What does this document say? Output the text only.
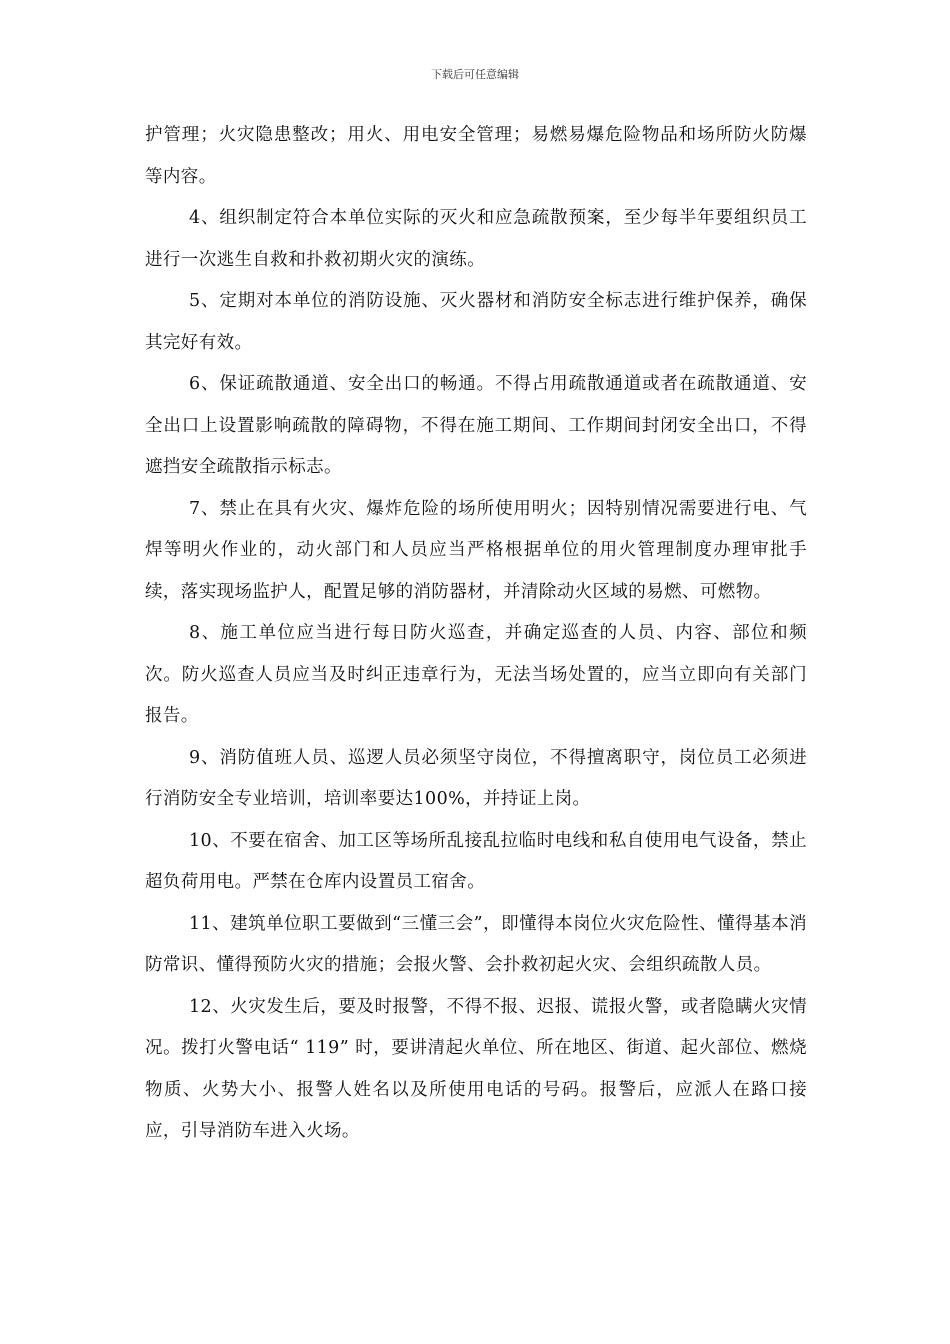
下载后可任意编辑

护管理；火灾隐患整改；用火、用电安全管理；易燃易爆危险物品和场所防火防爆等内容。

4、组织制定符合本单位实际的灭火和应急疏散预案，至少每半年要组织员工进行一次逃生自救和扑救初期火灾的演练。

5、定期对本单位的消防设施、灭火器材和消防安全标志进行维护保养，确保其完好有效。

6、保证疏散通道、安全出口的畅通。不得占用疏散通道或者在疏散通道、安全出口上设置影响疏散的障碍物，不得在施工期间、工作期间封闭安全出口，不得遮挡安全疏散指示标志。

7、禁止在具有火灾、爆炸危险的场所使用明火；因特别情况需要进行电、气焊等明火作业的，动火部门和人员应当严格根据单位的用火管理制度办理审批手续，落实现场监护人，配置足够的消防器材，并清除动火区域的易燃、可燃物。

8、施工单位应当进行每日防火巡查，并确定巡查的人员、内容、部位和频次。防火巡查人员应当及时纠正违章行为，无法当场处置的，应当立即向有关部门报告。

9、消防值班人员、巡逻人员必须坚守岗位，不得擅离职守，岗位员工必须进行消防安全专业培训，培训率要达100%，并持证上岗。

10、不要在宿舍、加工区等场所乱接乱拉临时电线和私自使用电气设备，禁止超负荷用电。严禁在仓库内设置员工宿舍。

11、建筑单位职工要做到“三懂三会”，即懂得本岗位火灾危险性、懂得基本消防常识、懂得预防火灾的措施；会报火警、会扑救初起火灾、会组织疏散人员。

12、火灾发生后，要及时报警，不得不报、迟报、谎报火警，或者隐瞒火灾情况。拨打火警电话“ 119” 时，要讲清起火单位、所在地区、街道、起火部位、燃烧物质、火势大小、报警人姓名以及所使用电话的号码。报警后，应派人在路口接应，引导消防车进入火场。
